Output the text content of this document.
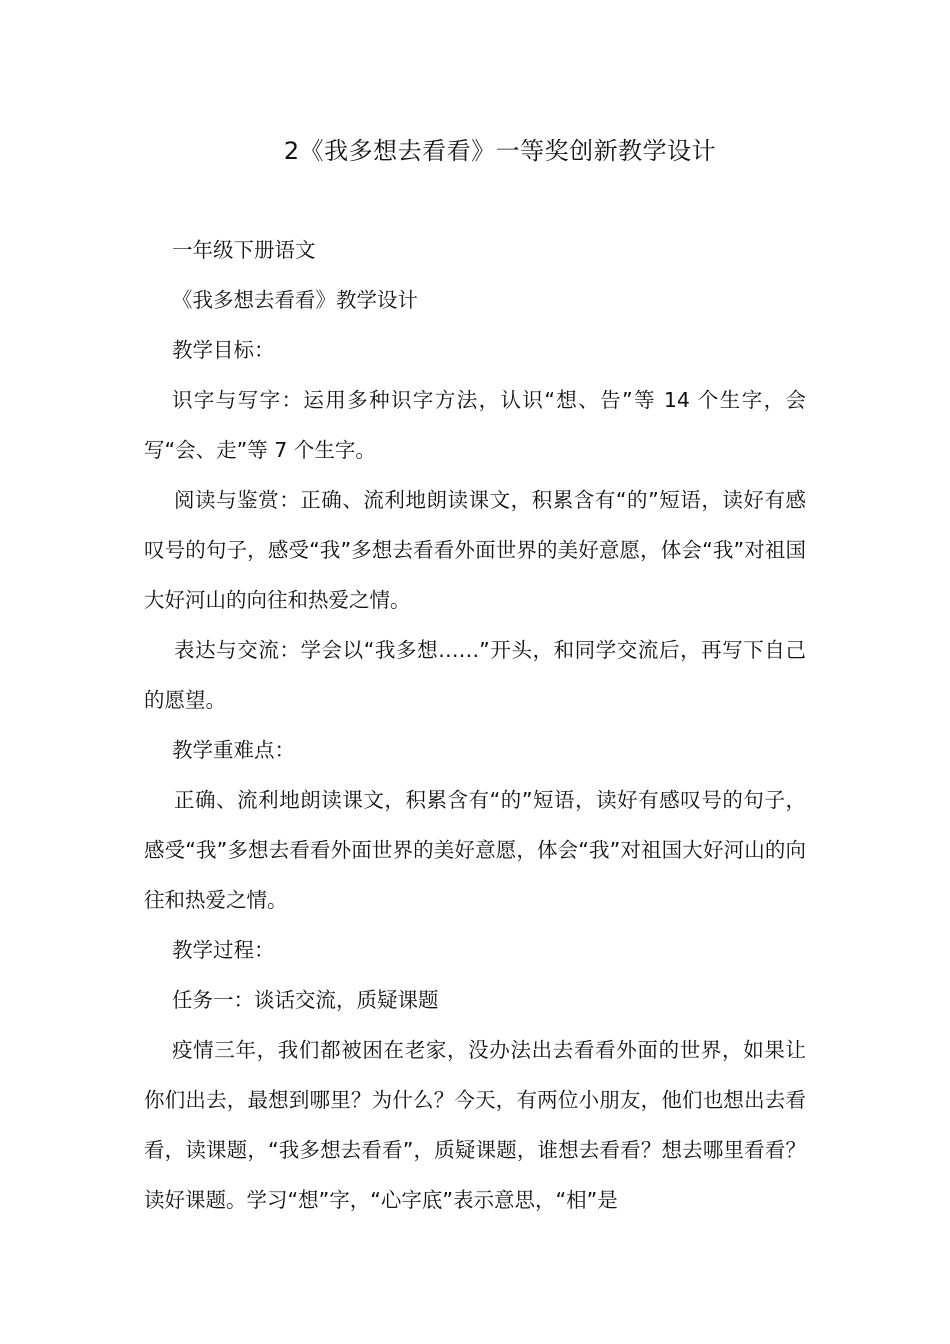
2《我多想去看看》一等奖创新教学设计

一年级下册语文

《我多想去看看》教学设计

教学目标：

识字与写字：运用多种识字方法，认识“想、告”等 14 个生字，会写“会、走”等 7 个生字。

阅读与鉴赏：正确、流利地朗读课文，积累含有“的”短语，读好有感叹号的句子，感受“我”多想去看看外面世界的美好意愿，体会“我”对祖国大好河山的向往和热爱之情。

表达与交流：学会以“我多想……”开头，和同学交流后，再写下自己的愿望。

教学重难点：

正确、流利地朗读课文，积累含有“的”短语，读好有感叹号的句子，感受“我”多想去看看外面世界的美好意愿，体会“我”对祖国大好河山的向往和热爱之情。

教学过程：

任务一：谈话交流，质疑课题

疫情三年，我们都被困在老家，没办法出去看看外面的世界，如果让你们出去，最想到哪里？为什么？今天，有两位小朋友，他们也想出去看看，读课题，“我多想去看看”，质疑课题，谁想去看看？想去哪里看看？读好课题。学习“想”字，“心字底”表示意思，“相”是
